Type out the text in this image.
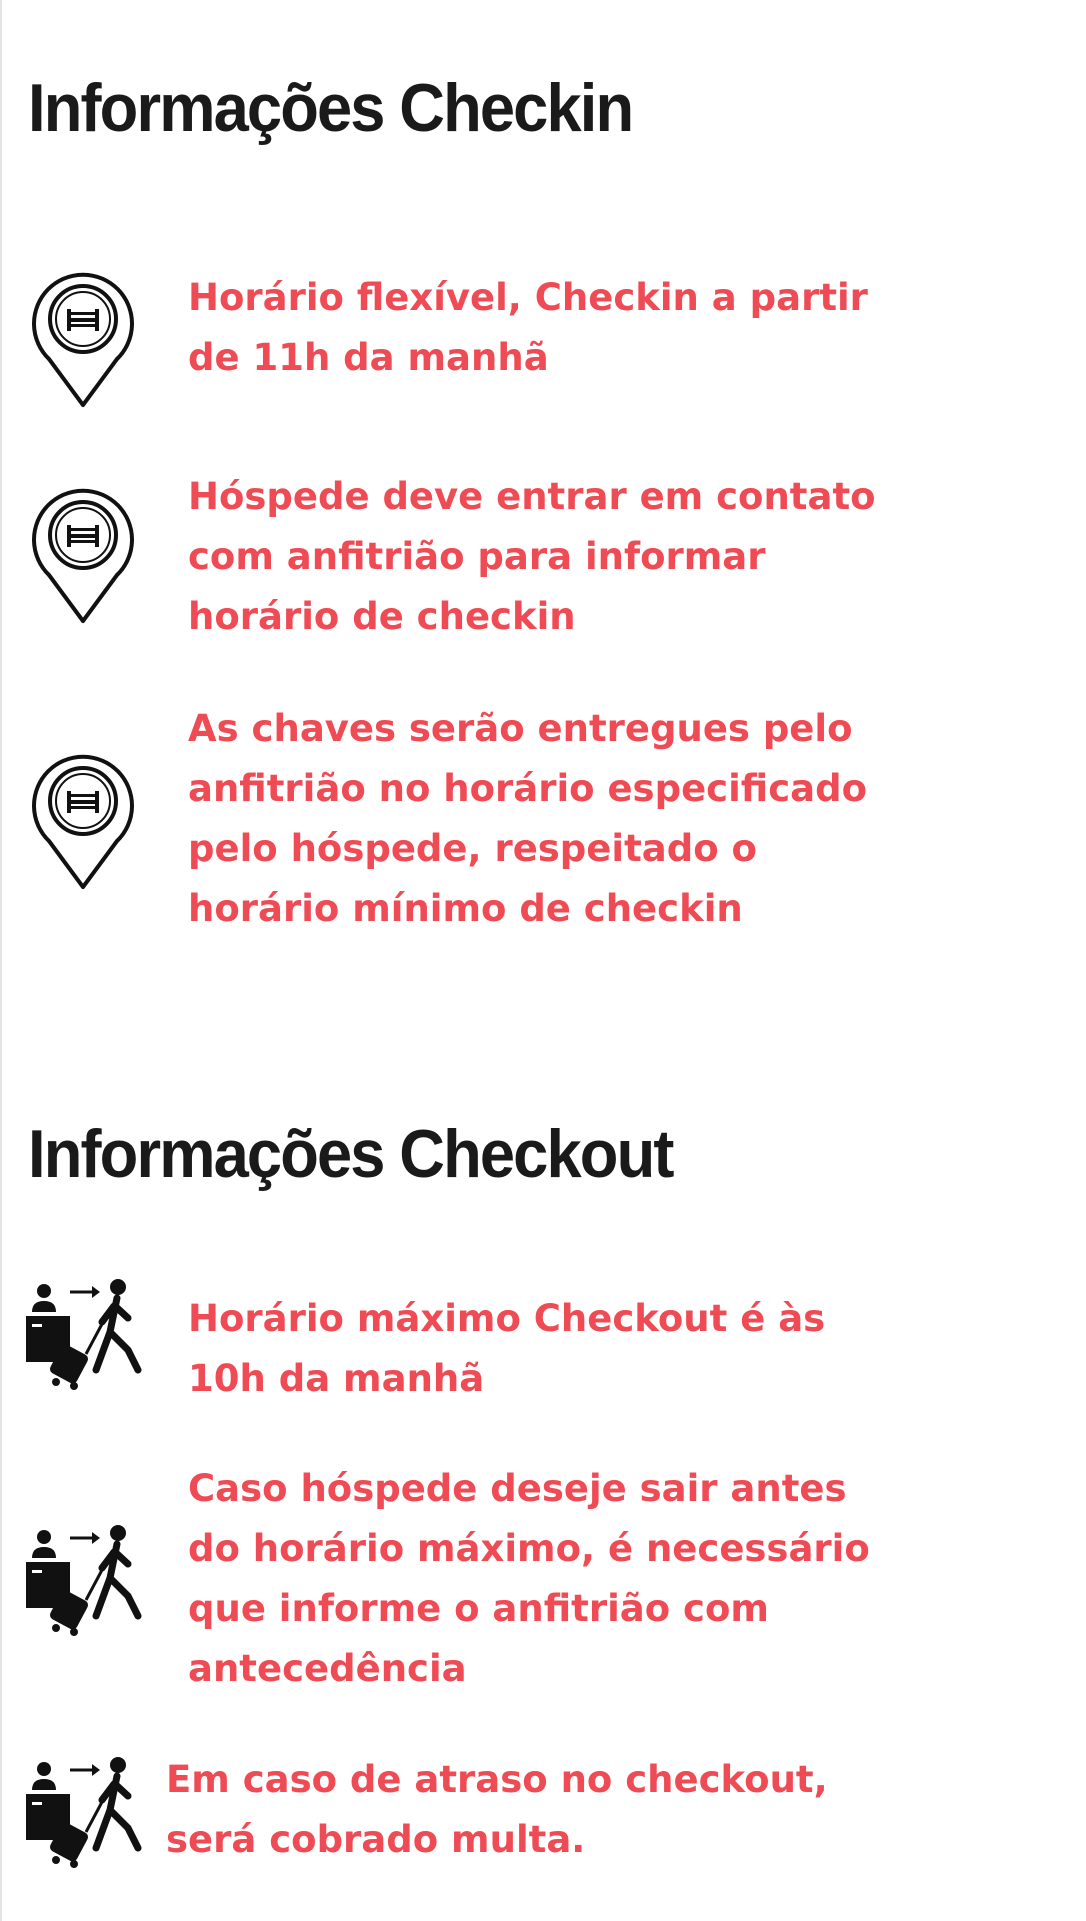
Informações Checkin

Horário flexível, Checkin a partir
de 11h da manhã

Hóspede deve entrar em contato
com anfitrião para informar
horário de checkin

As chaves serão entregues pelo
anfitrião no horário especificado
pelo hóspede, respeitado o
horário mínimo de checkin

Informações Checkout

Horário máximo Checkout é às
10h da manhã

Caso hóspede deseje sair antes
do horário máximo, é necessário
que informe o anfitrião com
antecedência

Em caso de atraso no checkout,
será cobrado multa.
